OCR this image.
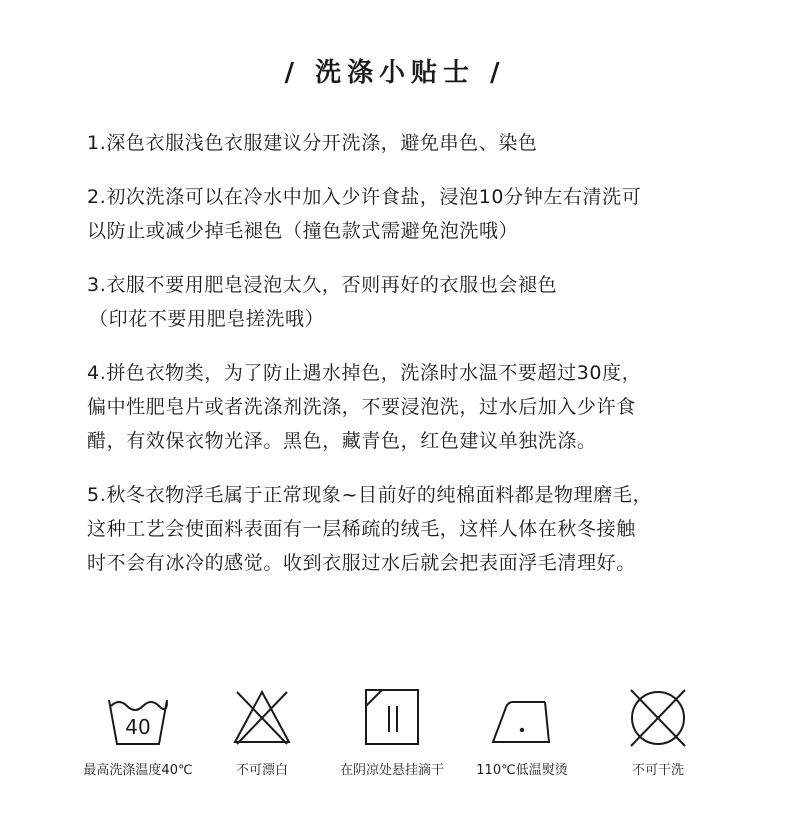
/ 洗涤小贴士 /
1.深色衣服浅色衣服建议分开洗涤，避免串色、染色
2.初次洗涤可以在冷水中加入少许食盐，浸泡10分钟左右清洗可
以防止或减少掉毛褪色（撞色款式需避免泡洗哦）
3.衣服不要用肥皂浸泡太久，否则再好的衣服也会褪色
（印花不要用肥皂搓洗哦）
4.拼色衣物类，为了防止遇水掉色，洗涤时水温不要超过30度，
偏中性肥皂片或者洗涤剂洗涤，不要浸泡洗，过水后加入少许食
醋，有效保衣物光泽。黑色，藏青色，红色建议单独洗涤。
5.秋冬衣物浮毛属于正常现象~目前好的纯棉面料都是物理磨毛，
这种工艺会使面料表面有一层稀疏的绒毛，这样人体在秋冬接触
时不会有冰冷的感觉。收到衣服过水后就会把表面浮毛清理好。
40
最高洗涤温度40℃	不可漂白	在阴凉处悬挂滴干	110℃低温熨烫	不可干洗
